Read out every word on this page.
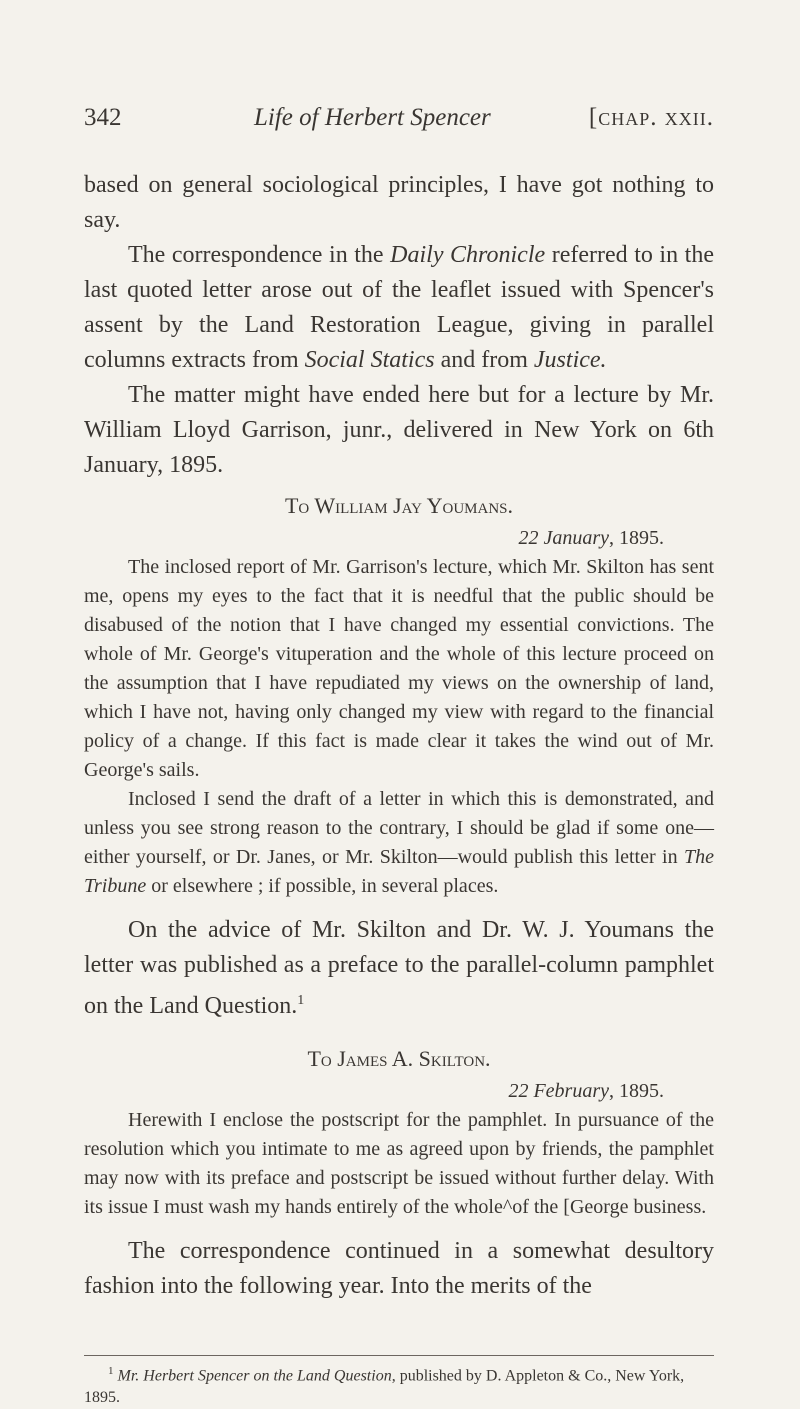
342	Life of Herbert Spencer	[chap. xxii.

based on general sociological principles, I have got nothing to say.

The correspondence in the Daily Chronicle referred to in the last quoted letter arose out of the leaflet issued with Spencer's assent by the Land Restoration League, giving in parallel columns extracts from Social Statics and from Justice.

The matter might have ended here but for a lecture by Mr. William Lloyd Garrison, junr., delivered in New York on 6th January, 1895.

To William Jay Youmans.
22 January, 1895.

The inclosed report of Mr. Garrison's lecture, which Mr. Skilton has sent me, opens my eyes to the fact that it is needful that the public should be disabused of the notion that I have changed my essential convictions. The whole of Mr. George's vituperation and the whole of this lecture proceed on the assumption that I have repudiated my views on the ownership of land, which I have not, having only changed my view with regard to the financial policy of a change. If this fact is made clear it takes the wind out of Mr. George's sails.

Inclosed I send the draft of a letter in which this is demonstrated, and unless you see strong reason to the contrary, I should be glad if some one—either yourself, or Dr. Janes, or Mr. Skilton—would publish this letter in The Tribune or elsewhere ; if possible, in several places.

On the advice of Mr. Skilton and Dr. W. J. Youmans the letter was published as a preface to the parallel-column pamphlet on the Land Question.$^1$

To James A. Skilton.
22 February, 1895.

Herewith I enclose the postscript for the pamphlet. In pursuance of the resolution which you intimate to me as agreed upon by friends, the pamphlet may now with its preface and postscript be issued without further delay. With its issue I must wash my hands entirely of the whole^of the [George business.

The correspondence continued in a somewhat desultory fashion into the following year. Into the merits of the

$^1$ Mr. Herbert Spencer on the Land Question, published by D. Appleton & Co., New York, 1895.
